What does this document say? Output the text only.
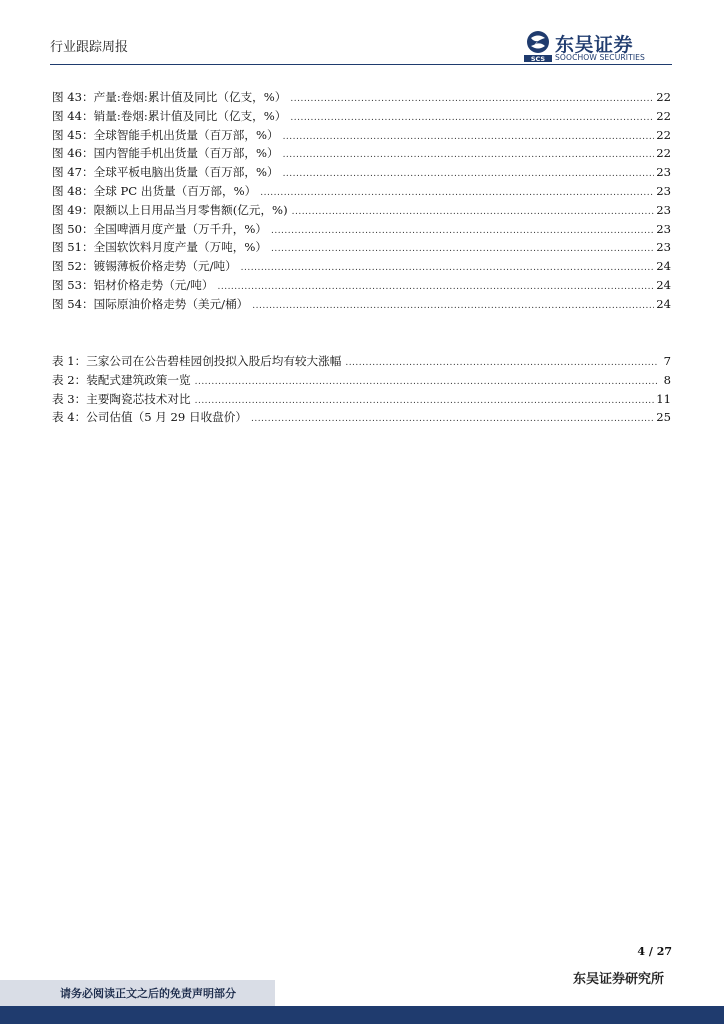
行业跟踪周报
SCS
东吴证券
SOOCHOW SECURITIES
图 43：产量:卷烟:累计值及同比（亿支，%） .....	22
图 44：销量:卷烟:累计值及同比（亿支，%） .....	22
图 45：全球智能手机出货量（百万部，%） .....	22
图 46：国内智能手机出货量（百万部，%） .....	22
图 47：全球平板电脑出货量（百万部，%） .....	23
图 48：全球 PC 出货量（百万部，%） .....	23
图 49：限额以上日用品当月零售额(亿元，%) .....	23
图 50：全国啤酒月度产量（万千升，%） .....	23
图 51：全国软饮料月度产量（万吨，%） .....	23
图 52：镀锡薄板价格走势（元/吨） .....	24
图 53：铝材价格走势（元/吨） .....	24
图 54：国际原油价格走势（美元/桶） .....	24
表 1：三家公司在公告碧桂园创投拟入股后均有较大涨幅 .....	7
表 2：装配式建筑政策一览 .....	8
表 3：主要陶瓷芯技术对比 .....	11
表 4：公司估值（5 月 29 日收盘价） .....	25
4 / 27
东吴证券研究所
请务必阅读正文之后的免责声明部分
